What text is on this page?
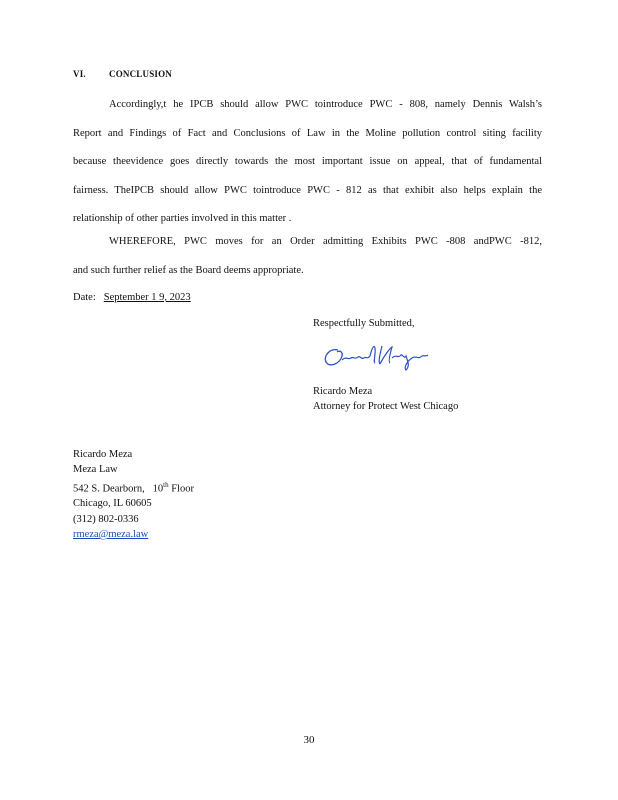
VI.	CONCLUSION
Accordingly,t he IPCB should allow PWC tointroduce PWC - 808, namely Dennis Walsh’s
Report and Findings of Fact and Conclusions of Law in the Moline pollution control siting facility
because theevidence goes directly towards the most important issue on appeal, that of fundamental
fairness. TheIPCB should allow PWC tointroduce PWC - 812 as that exhibit also helps explain the
relationship of other parties involved in this matter .
WHEREFORE, PWC moves for an Order admitting Exhibits PWC -808 andPWC -812,
and such further relief as the Board deems appropriate.
Date: September 1 9, 2023
Respectfully Submitted,
Ricardo Meza
Attorney for Protect West Chicago
Ricardo Meza
Meza Law
542 S. Dearborn, 10th Floor
Chicago, IL 60605
(312) 802-0336
rmeza@meza.law
30
